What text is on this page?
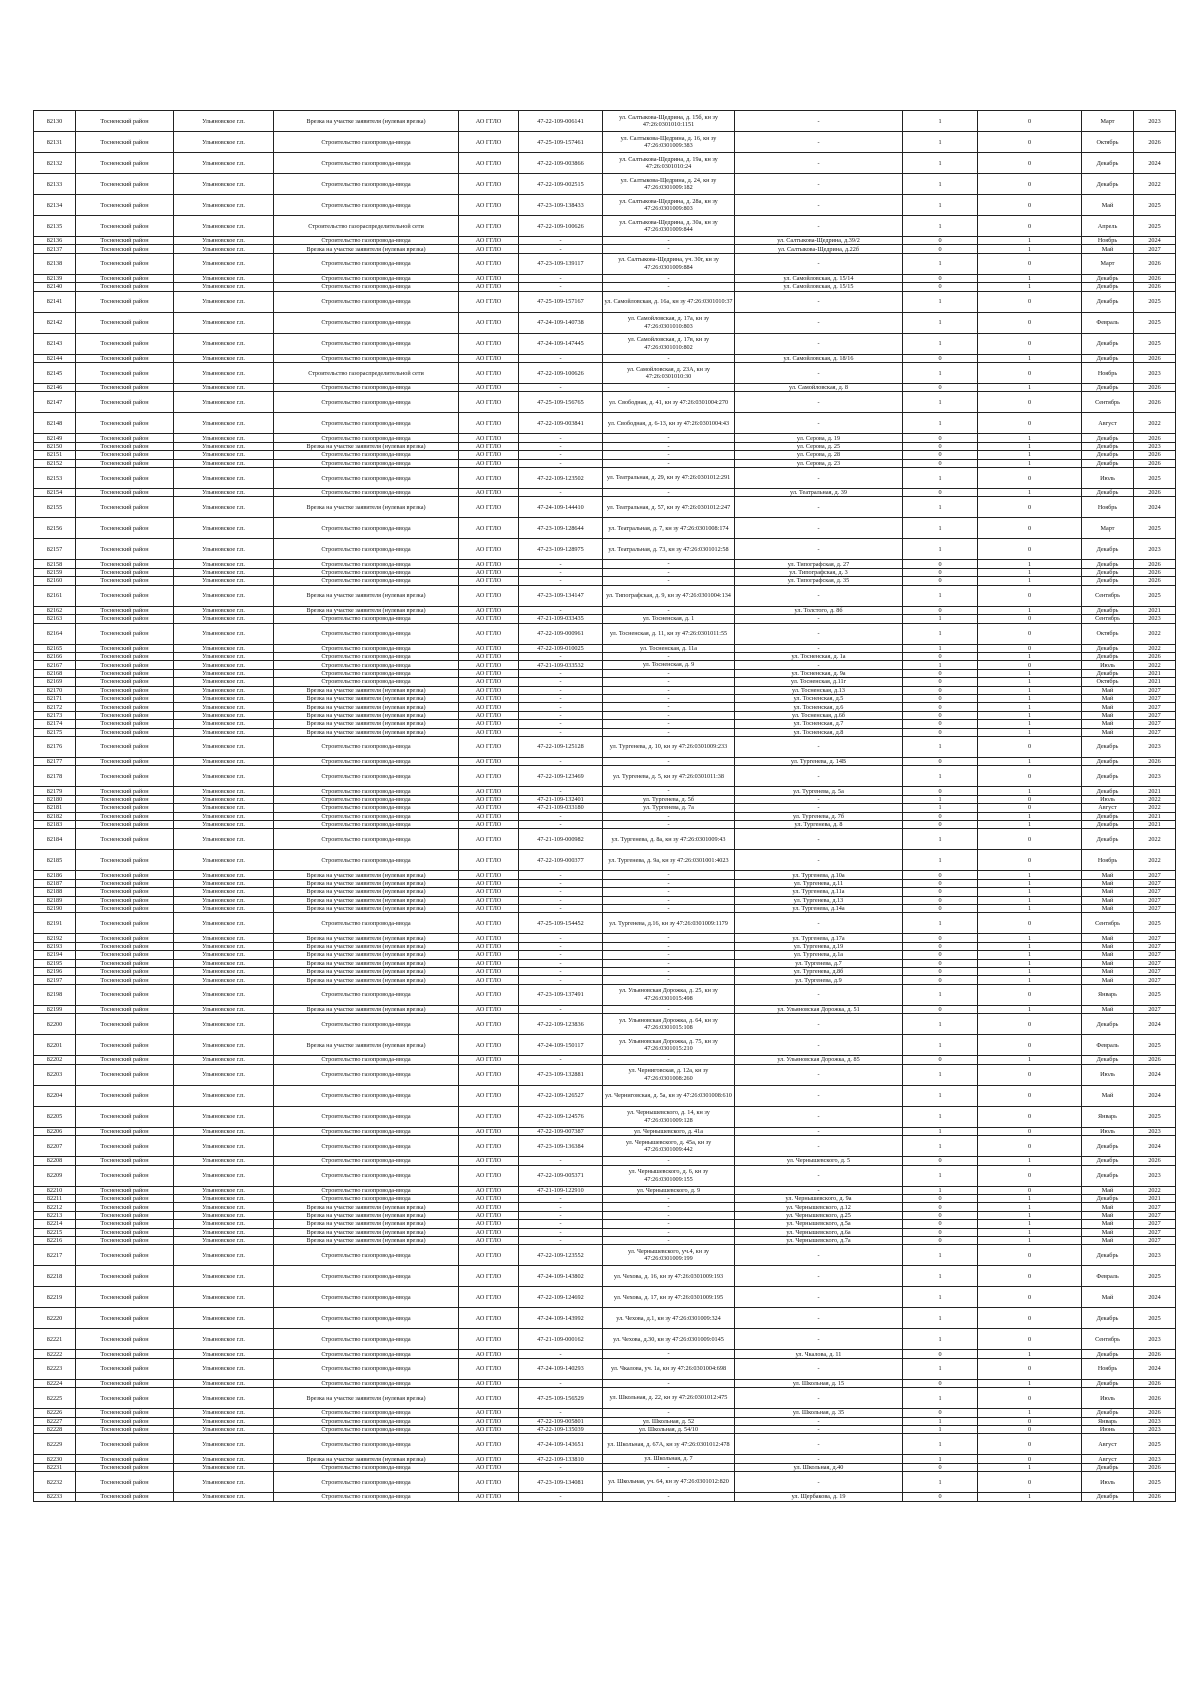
82130	Тосненский район	Ульяновское г.п.	Врезка на участке заявителя (нулевая врезка)	АО ГГЛО	47-22-109-006141	ул. Салтыкова-Щедрина, д. 15б, кн зу 47:26:0301010:1151	-	1	0	Март	2023
82131	Тосненский район	Ульяновское г.п.	Строительство газопровода-ввода	АО ГГЛО	47-25-109-157461	ул. Салтыкова-Щедрина, д. 16, кн зу 47:26:0301009:383	-	1	0	Октябрь	2026
82132	Тосненский район	Ульяновское г.п.	Строительство газопровода-ввода	АО ГГЛО	47-22-109-003866	ул. Салтыкова-Щедрина, д. 19а, кн зу 47:26:0301010:24	-	1	0	Декабрь	2024
82133	Тосненский район	Ульяновское г.п.	Строительство газопровода-ввода	АО ГГЛО	47-22-109-002515	ул. Салтыкова-Щедрина, д. 24, кн зу 47:26:0301009:182	-	1	0	Декабрь	2022
82134	Тосненский район	Ульяновское г.п.	Строительство газопровода-ввода	АО ГГЛО	47-23-109-138433	ул. Салтыкова-Щедрина, д. 28а, кн зу 47:26:0301009:803	-	1	0	Май	2025
82135	Тосненский район	Ульяновское г.п.	Строительство газораспределительной сети	АО ГГЛО	47-22-109-100626	ул. Салтыкова-Щедрина, д. 30а, кн зу 47:26:0301009:844	-	1	0	Апрель	2025
82136	Тосненский район	Ульяновское г.п.	Строительство газопровода-ввода	АО ГГЛО	-	-	ул. Салтыкова-Щедрина, д.39/2	0	1	Ноябрь	2024
82137	Тосненский район	Ульяновское г.п.	Врезка на участке заявителя (нулевая врезка)	АО ГГЛО	-	-	ул. Салтыкова-Щедрина, д.22б	0	1	Май	2027
82138	Тосненский район	Ульяновское г.п.	Строительство газопровода-ввода	АО ГГЛО	47-23-109-139117	ул. Салтыкова-Щедрина, уч. 30г, кн зу 47:26:0301009:884	-	1	0	Март	2026
82139	Тосненский район	Ульяновское г.п.	Строительство газопровода-ввода	АО ГГЛО	-	-	ул. Самойловская, д. 15/14	0	1	Декабрь	2026
82140	Тосненский район	Ульяновское г.п.	Строительство газопровода-ввода	АО ГГЛО	-	-	ул. Самойловская, д. 15/15	0	1	Декабрь	2026
82141	Тосненский район	Ульяновское г.п.	Строительство газопровода-ввода	АО ГГЛО	47-25-109-157167	ул. Самойловская, д. 16а, кн зу 47:26:0301010:37	-	1	0	Декабрь	2025
82142	Тосненский район	Ульяновское г.п.	Строительство газопровода-ввода	АО ГГЛО	47-24-109-140738	ул. Самойловская, д. 17а, кн зу 47:26:0301010:803	-	1	0	Февраль	2025
82143	Тосненский район	Ульяновское г.п.	Строительство газопровода-ввода	АО ГГЛО	47-24-109-147445	ул. Самойловская, д. 17в, кн зу 47:26:0301010:802	-	1	0	Декабрь	2025
82144	Тосненский район	Ульяновское г.п.	Строительство газопровода-ввода	АО ГГЛО	-	-	ул. Самойловская, д. 18/16	0	1	Декабрь	2026
82145	Тосненский район	Ульяновское г.п.	Строительство газораспределительной сети	АО ГГЛО	47-22-109-100626	ул. Самойловская, д. 23А, кн зу 47:26:0301010:30	-	1	0	Ноябрь	2023
82146	Тосненский район	Ульяновское г.п.	Строительство газопровода-ввода	АО ГГЛО	-	-	ул. Самойловская, д. 8	0	1	Декабрь	2026
82147	Тосненский район	Ульяновское г.п.	Строительство газопровода-ввода	АО ГГЛО	47-25-109-156765	ул. Свободная, д. 41, кн зу 47:26:0301004:270	-	1	0	Сентябрь	2026
82148	Тосненский район	Ульяновское г.п.	Строительство газопровода-ввода	АО ГГЛО	47-22-109-003841	ул. Свободная, д. 6-13, кн зу 47:26:0301004:43	-	1	0	Август	2022
82149	Тосненский район	Ульяновское г.п.	Строительство газопровода-ввода	АО ГГЛО	-	-	ул. Серова, д. 19	0	1	Декабрь	2026
82150	Тосненский район	Ульяновское г.п.	Врезка на участке заявителя (нулевая врезка)	АО ГГЛО	-	-	ул. Серова, д. 25	0	1	Декабрь	2023
82151	Тосненский район	Ульяновское г.п.	Строительство газопровода-ввода	АО ГГЛО	-	-	ул. Серова, д. 28	0	1	Декабрь	2026
82152	Тосненский район	Ульяновское г.п.	Строительство газопровода-ввода	АО ГГЛО	-	-	ул. Серова, д. 23	0	1	Декабрь	2026
82153	Тосненский район	Ульяновское г.п.	Строительство газопровода-ввода	АО ГГЛО	47-22-109-123502	ул. Театральная, д. 29, кн зу 47:26:0301012:291	-	1	0	Июль	2025
82154	Тосненский район	Ульяновское г.п.	Строительство газопровода-ввода	АО ГГЛО	-	-	ул. Театральная, д. 39	0	1	Декабрь	2026
82155	Тосненский район	Ульяновское г.п.	Врезка на участке заявителя (нулевая врезка)	АО ГГЛО	47-24-109-144410	ул. Театральная, д. 57, кн зу 47:26:0301012:247	-	1	0	Ноябрь	2024
82156	Тосненский район	Ульяновское г.п.	Строительство газопровода-ввода	АО ГГЛО	47-23-109-128644	ул. Театральная, д. 7, кн зу 47:26:0301008:174	-	1	0	Март	2025
82157	Тосненский район	Ульяновское г.п.	Строительство газопровода-ввода	АО ГГЛО	47-23-109-128975	ул. Театральная, д. 73, кн зу 47:26:0301012:58	-	1	0	Декабрь	2023
82158	Тосненский район	Ульяновское г.п.	Строительство газопровода-ввода	АО ГГЛО	-	-	ул. Типографская, д. 27	0	1	Декабрь	2026
82159	Тосненский район	Ульяновское г.п.	Строительство газопровода-ввода	АО ГГЛО	-	-	ул. Типографская, д. 3	0	1	Декабрь	2026
82160	Тосненский район	Ульяновское г.п.	Строительство газопровода-ввода	АО ГГЛО	-	-	ул. Типографская, д. 35	0	1	Декабрь	2026
82161	Тосненский район	Ульяновское г.п.	Врезка на участке заявителя (нулевая врезка)	АО ГГЛО	47-23-109-134147	ул. Типографская, д. 9, кн зу 47:26:0301004:134	-	1	0	Сентябрь	2025
82162	Тосненский район	Ульяновское г.п.	Врезка на участке заявителя (нулевая врезка)	АО ГГЛО	-	-	ул. Толстого, д. 8б	0	1	Декабрь	2021
82163	Тосненский район	Ульяновское г.п.	Строительство газопровода-ввода	АО ГГЛО	47-21-109-033435	ул. Тосненская, д. 1	-	1	0	Сентябрь	2023
82164	Тосненский район	Ульяновское г.п.	Строительство газопровода-ввода	АО ГГЛО	47-22-109-000961	ул. Тосненская, д. 11, кн зу 47:26:0301011:55	-	1	0	Октябрь	2022
82165	Тосненский район	Ульяновское г.п.	Строительство газопровода-ввода	АО ГГЛО	47-22-109-010025	ул. Тосненская, д. 11а	-	1	0	Декабрь	2022
82166	Тосненский район	Ульяновское г.п.	Строительство газопровода-ввода	АО ГГЛО	-	-	ул. Тосненская, д. 1а	0	1	Декабрь	2026
82167	Тосненский район	Ульяновское г.п.	Строительство газопровода-ввода	АО ГГЛО	47-21-109-033532	ул. Тосненская, д. 9	-	1	0	Июль	2022
82168	Тосненский район	Ульяновское г.п.	Строительство газопровода-ввода	АО ГГЛО	-	-	ул. Тосненская, д. 9а	0	1	Декабрь	2021
82169	Тосненский район	Ульяновское г.п.	Строительство газопровода-ввода	АО ГГЛО	-	-	ул. Тосненская, д.11г	0	1	Октябрь	2021
82170	Тосненский район	Ульяновское г.п.	Врезка на участке заявителя (нулевая врезка)	АО ГГЛО	-	-	ул. Тосненская, д.13	0	1	Май	2027
82171	Тосненский район	Ульяновское г.п.	Врезка на участке заявителя (нулевая врезка)	АО ГГЛО	-	-	ул. Тосненская, д.5	0	1	Май	2027
82172	Тосненский район	Ульяновское г.п.	Врезка на участке заявителя (нулевая врезка)	АО ГГЛО	-	-	ул. Тосненская, д.6	0	1	Май	2027
82173	Тосненский район	Ульяновское г.п.	Врезка на участке заявителя (нулевая врезка)	АО ГГЛО	-	-	ул. Тосненская, д.6б	0	1	Май	2027
82174	Тосненский район	Ульяновское г.п.	Врезка на участке заявителя (нулевая врезка)	АО ГГЛО	-	-	ул. Тосненская, д.7	0	1	Май	2027
82175	Тосненский район	Ульяновское г.п.	Врезка на участке заявителя (нулевая врезка)	АО ГГЛО	-	-	ул. Тосненская, д.8	0	1	Май	2027
82176	Тосненский район	Ульяновское г.п.	Строительство газопровода-ввода	АО ГГЛО	47-22-109-125128	ул. Тургенева, д. 10, кн зу 47:26:0301009:233	-	1	0	Декабрь	2023
82177	Тосненский район	Ульяновское г.п.	Строительство газопровода-ввода	АО ГГЛО	-	-	ул. Тургенева, д. 14В	0	1	Декабрь	2026
82178	Тосненский район	Ульяновское г.п.	Строительство газопровода-ввода	АО ГГЛО	47-22-109-123469	ул. Тургенева, д. 5, кн зу 47:26:0301011:38	-	1	0	Декабрь	2023
82179	Тосненский район	Ульяновское г.п.	Строительство газопровода-ввода	АО ГГЛО	-	-	ул. Тургенева, д. 5а	0	1	Декабрь	2021
82180	Тосненский район	Ульяновское г.п.	Строительство газопровода-ввода	АО ГГЛО	47-21-109-132401	ул. Тургенева, д. 5б	-	1	0	Июль	2022
82181	Тосненский район	Ульяновское г.п.	Строительство газопровода-ввода	АО ГГЛО	47-21-109-033180	ул. Тургенева, д. 7а	-	1	0	Август	2022
82182	Тосненский район	Ульяновское г.п.	Строительство газопровода-ввода	АО ГГЛО	-	-	ул. Тургенева, д. 7б	0	1	Декабрь	2021
82183	Тосненский район	Ульяновское г.п.	Строительство газопровода-ввода	АО ГГЛО	-	-	ул. Тургенева, д. 8	0	1	Декабрь	2021
82184	Тосненский район	Ульяновское г.п.	Строительство газопровода-ввода	АО ГГЛО	47-21-109-000982	ул. Тургенева, д. 8а, кн зу 47:26:0301009:43	-	1	0	Декабрь	2022
82185	Тосненский район	Ульяновское г.п.	Строительство газопровода-ввода	АО ГГЛО	47-22-109-000377	ул. Тургенева, д. 9а, кн зу 47:26:0301001:4023	-	1	0	Ноябрь	2022
82186	Тосненский район	Ульяновское г.п.	Врезка на участке заявителя (нулевая врезка)	АО ГГЛО	-	-	ул. Тургенева, д.10а	0	1	Май	2027
82187	Тосненский район	Ульяновское г.п.	Врезка на участке заявителя (нулевая врезка)	АО ГГЛО	-	-	ул. Тургенева, д.11	0	1	Май	2027
82188	Тосненский район	Ульяновское г.п.	Врезка на участке заявителя (нулевая врезка)	АО ГГЛО	-	-	ул. Тургенева, д.11а	0	1	Май	2027
82189	Тосненский район	Ульяновское г.п.	Врезка на участке заявителя (нулевая врезка)	АО ГГЛО	-	-	ул. Тургенева, д.13	0	1	Май	2027
82190	Тосненский район	Ульяновское г.п.	Врезка на участке заявителя (нулевая врезка)	АО ГГЛО	-	-	ул. Тургенева, д.14а	0	1	Май	2027
82191	Тосненский район	Ульяновское г.п.	Строительство газопровода-ввода	АО ГГЛО	47-25-109-154452	ул. Тургенева, д.16, кн зу 47:26:0301009:1179	-	1	0	Сентябрь	2025
82192	Тосненский район	Ульяновское г.п.	Врезка на участке заявителя (нулевая врезка)	АО ГГЛО	-	-	ул. Тургенева, д.17а	0	1	Май	2027
82193	Тосненский район	Ульяновское г.п.	Врезка на участке заявителя (нулевая врезка)	АО ГГЛО	-	-	ул. Тургенева, д.19	0	1	Май	2027
82194	Тосненский район	Ульяновское г.п.	Врезка на участке заявителя (нулевая врезка)	АО ГГЛО	-	-	ул. Тургенева, д.1а	0	1	Май	2027
82195	Тосненский район	Ульяновское г.п.	Врезка на участке заявителя (нулевая врезка)	АО ГГЛО	-	-	ул. Тургенева, д.7	0	1	Май	2027
82196	Тосненский район	Ульяновское г.п.	Врезка на участке заявителя (нулевая врезка)	АО ГГЛО	-	-	ул. Тургенева, д.8б	0	1	Май	2027
82197	Тосненский район	Ульяновское г.п.	Врезка на участке заявителя (нулевая врезка)	АО ГГЛО	-	-	ул. Тургенева, д.9	0	1	Май	2027
82198	Тосненский район	Ульяновское г.п.	Строительство газопровода-ввода	АО ГГЛО	47-23-109-137491	ул. Ульяновская Дорожка, д. 25, кн зу 47:26:0301015:498	-	1	0	Январь	2025
82199	Тосненский район	Ульяновское г.п.	Врезка на участке заявителя (нулевая врезка)	АО ГГЛО	-	-	ул. Ульяновская Дорожка, д. 51	0	1	Май	2027
82200	Тосненский район	Ульяновское г.п.	Строительство газопровода-ввода	АО ГГЛО	47-22-109-123836	ул. Ульяновская Дорожка, д. 64, кн зу 47:26:0301015:108	-	1	0	Декабрь	2024
82201	Тосненский район	Ульяновское г.п.	Врезка на участке заявителя (нулевая врезка)	АО ГГЛО	47-24-109-150117	ул. Ульяновская Дорожка, д. 75, кн зу 47:26:0301015:210	-	1	0	Февраль	2025
82202	Тосненский район	Ульяновское г.п.	Строительство газопровода-ввода	АО ГГЛО	-	-	ул. Ульяновская Дорожка, д. 85	0	1	Декабрь	2026
82203	Тосненский район	Ульяновское г.п.	Строительство газопровода-ввода	АО ГГЛО	47-23-109-132881	ул. Черниговская, д. 12а, кн зу 47:26:0301008:260	-	1	0	Июль	2024
82204	Тосненский район	Ульяновское г.п.	Строительство газопровода-ввода	АО ГГЛО	47-22-109-126527	ул. Черниговская, д. 5а, кн зу 47:26:0301008:610	-	1	0	Май	2024
82205	Тосненский район	Ульяновское г.п.	Строительство газопровода-ввода	АО ГГЛО	47-22-109-124576	ул. Чернышевского, д. 14, кн зу 47:26:0301009:128	-	1	0	Январь	2025
82206	Тосненский район	Ульяновское г.п.	Строительство газопровода-ввода	АО ГГЛО	47-22-109-007387	ул. Чернышевского, д. 41а	-	1	0	Июль	2023
82207	Тосненский район	Ульяновское г.п.	Строительство газопровода-ввода	АО ГГЛО	47-23-109-136384	ул. Чернышевского, д. 45а, кн зу 47:26:0301009:442	-	1	0	Декабрь	2024
82208	Тосненский район	Ульяновское г.п.	Строительство газопровода-ввода	АО ГГЛО	-	-	ул. Чернышевского, д. 5	0	1	Декабрь	2026
82209	Тосненский район	Ульяновское г.п.	Строительство газопровода-ввода	АО ГГЛО	47-22-109-005371	ул. Чернышевского, д. 6, кн зу 47:26:0301009:155	-	1	0	Декабрь	2023
82210	Тосненский район	Ульяновское г.п.	Строительство газопровода-ввода	АО ГГЛО	47-21-109-122910	ул. Чернышевского, д. 9	-	1	0	Май	2022
82211	Тосненский район	Ульяновское г.п.	Строительство газопровода-ввода	АО ГГЛО	-	-	ул. Чернышевского, д. 9а	0	1	Декабрь	2021
82212	Тосненский район	Ульяновское г.п.	Врезка на участке заявителя (нулевая врезка)	АО ГГЛО	-	-	ул. Чернышевского, д.12	0	1	Май	2027
82213	Тосненский район	Ульяновское г.п.	Врезка на участке заявителя (нулевая врезка)	АО ГГЛО	-	-	ул. Чернышевского, д.25	0	1	Май	2027
82214	Тосненский район	Ульяновское г.п.	Врезка на участке заявителя (нулевая врезка)	АО ГГЛО	-	-	ул. Чернышевского, д.5а	0	1	Май	2027
82215	Тосненский район	Ульяновское г.п.	Врезка на участке заявителя (нулевая врезка)	АО ГГЛО	-	-	ул. Чернышевского, д.6а	0	1	Май	2027
82216	Тосненский район	Ульяновское г.п.	Врезка на участке заявителя (нулевая врезка)	АО ГГЛО	-	-	ул. Чернышевского, д.7а	0	1	Май	2027
82217	Тосненский район	Ульяновское г.п.	Строительство газопровода-ввода	АО ГГЛО	47-22-109-123552	ул. Чернышевского, уч.4, кн зу 47:26:0301009:199	-	1	0	Декабрь	2023
82218	Тосненский район	Ульяновское г.п.	Строительство газопровода-ввода	АО ГГЛО	47-24-109-143802	ул. Чехова, д. 16, кн зу 47:26:0301009:193	-	1	0	Февраль	2025
82219	Тосненский район	Ульяновское г.п.	Строительство газопровода-ввода	АО ГГЛО	47-22-109-124692	ул. Чехова, д. 17, кн зу 47:26:0301009:195	-	1	0	Май	2024
82220	Тосненский район	Ульяновское г.п.	Строительство газопровода-ввода	АО ГГЛО	47-24-109-143992	ул. Чехова, д.1, кн зу 47:26:0301009:324	-	1	0	Декабрь	2025
82221	Тосненский район	Ульяновское г.п.	Строительство газопровода-ввода	АО ГГЛО	47-21-109-000162	ул. Чехова, д.30, кн зу 47:26:0301009:0145	-	1	0	Сентябрь	2023
82222	Тосненский район	Ульяновское г.п.	Строительство газопровода-ввода	АО ГГЛО	-	-	ул. Чкалова, д. 11	0	1	Декабрь	2026
82223	Тосненский район	Ульяновское г.п.	Строительство газопровода-ввода	АО ГГЛО	47-24-109-140293	ул. Чкалова, уч. 1а, кн зу 47:26:0301004:698	-	1	0	Ноябрь	2024
82224	Тосненский район	Ульяновское г.п.	Строительство газопровода-ввода	АО ГГЛО	-	-	ул. Школьная, д. 15	0	1	Декабрь	2026
82225	Тосненский район	Ульяновское г.п.	Врезка на участке заявителя (нулевая врезка)	АО ГГЛО	47-25-109-156529	ул. Школьная, д. 22, кн зу 47:26:0301012:475	-	1	0	Июль	2026
82226	Тосненский район	Ульяновское г.п.	Строительство газопровода-ввода	АО ГГЛО	-	-	ул. Школьная, д. 35	0	1	Декабрь	2026
82227	Тосненский район	Ульяновское г.п.	Строительство газопровода-ввода	АО ГГЛО	47-22-109-005801	ул. Школьная, д. 52	-	1	0	Январь	2023
82228	Тосненский район	Ульяновское г.п.	Строительство газопровода-ввода	АО ГГЛО	47-22-109-135039	ул. Школьная, д. 54/10	-	1	0	Июнь	2023
82229	Тосненский район	Ульяновское г.п.	Строительство газопровода-ввода	АО ГГЛО	47-24-109-143651	ул. Школьная, д. 67А, кн зу 47:26:0301012:478	-	1	0	Август	2025
82230	Тосненский район	Ульяновское г.п.	Врезка на участке заявителя (нулевая врезка)	АО ГГЛО	47-22-109-133810	ул. Школьная, д. 7	-	1	0	Август	2023
82231	Тосненский район	Ульяновское г.п.	Строительство газопровода-ввода	АО ГГЛО	-	-	ул. Школьная, д.40	0	1	Декабрь	2026
82232	Тосненский район	Ульяновское г.п.	Строительство газопровода-ввода	АО ГГЛО	47-23-109-134081	ул. Школьная, уч. 64, кн зу 47:26:0301012:820	-	1	0	Июль	2025
82233	Тосненский район	Ульяновское г.п.	Строительство газопровода-ввода	АО ГГЛО	-	-	ул. Щербакова, д. 19	0	1	Декабрь	2026
